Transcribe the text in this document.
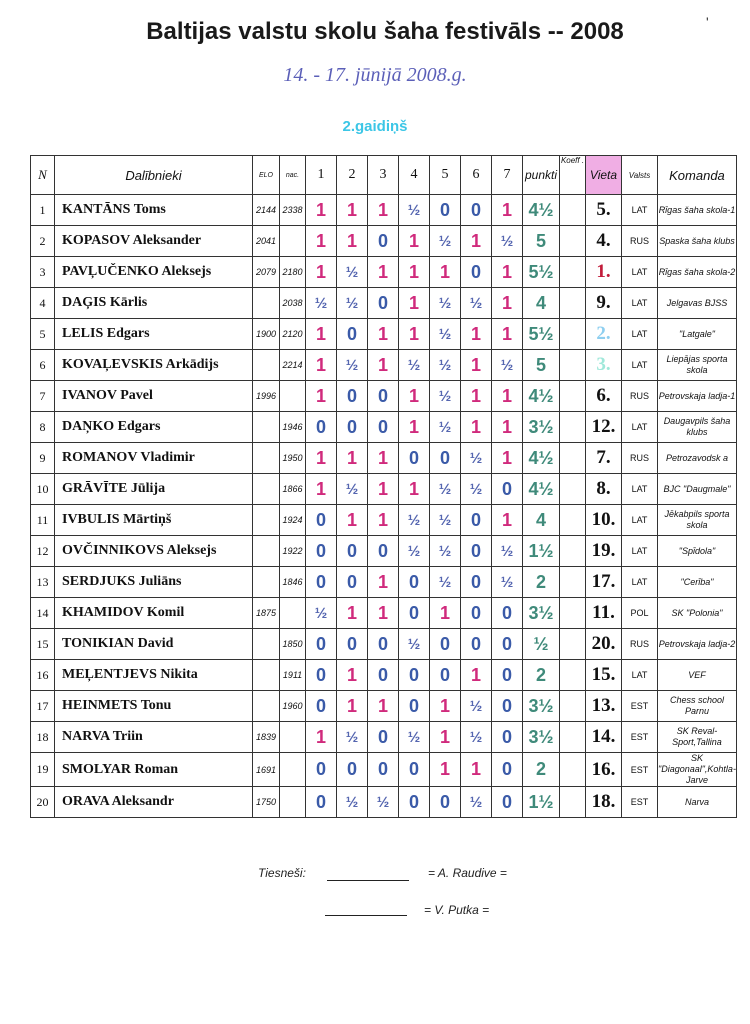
Baltijas valstu skolu šaha festivāls -- 2008	'
14. - 17. jūnijā 2008.g.
2.gaidiņš
N	Dalībnieki	ELO	nac.	1	2	3	4	5	6	7	punkti	Koeff .	Vieta	Valsts	Komanda
1	KANTĀNS Toms	2144	2338	1	1	1	½	0	0	1	4½		5.	LAT	Rīgas šaha skola-1
2	KOPASOV Aleksander	2041		1	1	0	1	½	1	½	5		4.	RUS	Spaska šaha klubs
3	PAVĻUČENKO Aleksejs	2079	2180	1	½	1	1	1	0	1	5½		1.	LAT	Rīgas šaha skola-2
4	DAĢIS Kārlis		2038	½	½	0	1	½	½	1	4		9.	LAT	Jelgavas BJSS
5	LELIS Edgars	1900	2120	1	0	1	1	½	1	1	5½		2.	LAT	"Latgale"
6	KOVAĻEVSKIS Arkādijs		2214	1	½	1	½	½	1	½	5		3.	LAT	Liepājas sporta skola
7	IVANOV Pavel	1996		1	0	0	1	½	1	1	4½		6.	RUS	Petrovskaja ladja-1
8	DAŅKO Edgars		1946	0	0	0	1	½	1	1	3½		12.	LAT	Daugavpils šaha klubs
9	ROMANOV Vladimir		1950	1	1	1	0	0	½	1	4½		7.	RUS	Petrozavodsk a
10	GRĀVĪTE Jūlija		1866	1	½	1	1	½	½	0	4½		8.	LAT	BJC "Daugmale"
11	IVBULIS Mārtiņš		1924	0	1	1	½	½	0	1	4		10.	LAT	Jēkabpils sporta skola
12	OVČINNIKOVS Aleksejs		1922	0	0	0	½	½	0	½	1½		19.	LAT	"Spīdola"
13	SERDJUKS Juliāns		1846	0	0	1	0	½	0	½	2		17.	LAT	"Cerība"
14	KHAMIDOV Komil	1875		½	1	1	0	1	0	0	3½		11.	POL	SK "Polonia"
15	TONIKIAN David		1850	0	0	0	½	0	0	0	½		20.	RUS	Petrovskaja ladja-2
16	MEĻENTJEVS Nikita		1911	0	1	0	0	0	1	0	2		15.	LAT	VEF
17	HEINMETS Tonu		1960	0	1	1	0	1	½	0	3½		13.	EST	Chess school Parnu
18	NARVA Triin	1839		1	½	0	½	1	½	0	3½		14.	EST	SK Reval-Sport,Tallina
19	SMOLYAR Roman	1691		0	0	0	0	1	1	0	2		16.	EST	SK "Diagonaal",Kohtla-Jarve
20	ORAVA Aleksandr	1750		0	½	½	0	0	½	0	1½		18.	EST	Narva
Tiesneši:	= A. Raudive =
= V. Putka =
